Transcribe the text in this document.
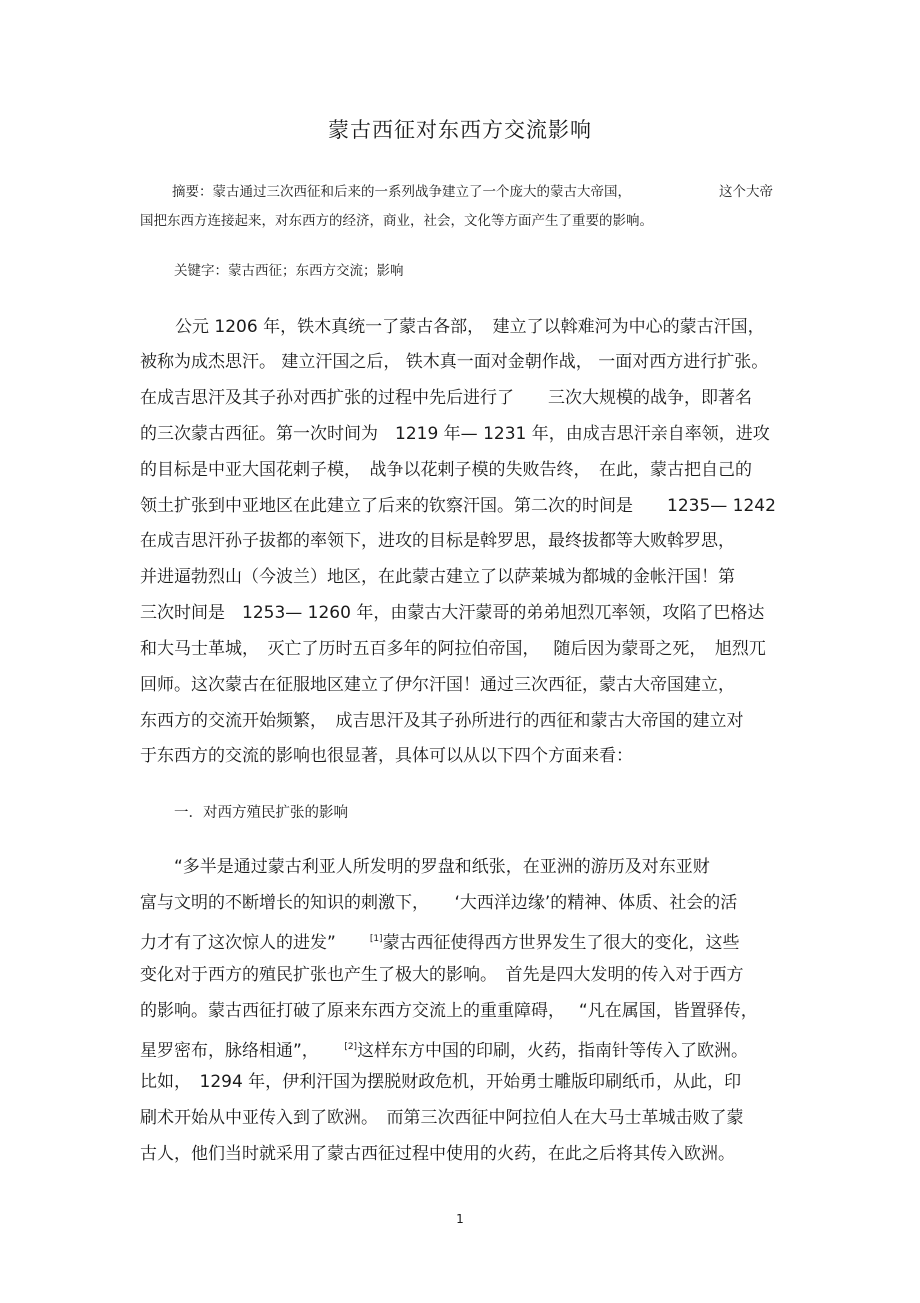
蒙古西征对东西方交流影响
摘要：蒙古通过三次西征和后来的一系列战争建立了一个庞大的蒙古大帝国，	这个大帝
国把东西方连接起来，对东西方的经济，商业，社会，文化等方面产生了重要的影响。
关键字：蒙古西征；东西方交流；影响
　公元 1206 年，铁木真统一了蒙古各部，　建立了以斡难河为中心的蒙古汗国，
被称为成杰思汗。 建立汗国之后， 铁木真一面对金朝作战， 一面对西方进行扩张。
在成吉思汗及其子孙对西扩张的过程中先后进行了　　三次大规模的战争，即著名
的三次蒙古西征。第一次时间为　1219 年— 1231 年，由成吉思汗亲自率领，进攻
的目标是中亚大国花剌子模，　战争以花剌子模的失败告终，　在此，蒙古把自己的
领土扩张到中亚地区在此建立了后来的钦察汗国。第二次的时间是　　1235— 1242
在成吉思汗孙子拔都的率领下，进攻的目标是斡罗思，最终拔都等大败斡罗思，
并进逼勃烈山（今波兰）地区，在此蒙古建立了以萨莱城为都城的金帐汗国！第
三次时间是　1253— 1260 年，由蒙古大汗蒙哥的弟弟旭烈兀率领，攻陷了巴格达
和大马士革城，　灭亡了历时五百多年的阿拉伯帝国，　 随后因为蒙哥之死，　旭烈兀
回师。这次蒙古在征服地区建立了伊尔汗国！通过三次西征，蒙古大帝国建立，
东西方的交流开始频繁，　成吉思汗及其子孙所进行的西征和蒙古大帝国的建立对
于东西方的交流的影响也很显著，具体可以从以下四个方面来看：
一．对西方殖民扩张的影响
“多半是通过蒙古利亚人所发明的罗盘和纸张，在亚洲的游历及对东亚财
富与文明的不断增长的知识的刺激下，　　‘大西洋边缘’的精神、体质、社会的活
力才有了这次惊人的进发”　　[1]蒙古西征使得西方世界发生了很大的变化，这些
变化对于西方的殖民扩张也产生了极大的影响。　首先是四大发明的传入对于西方
的影响。蒙古西征打破了原来东西方交流上的重重障碍，　 “凡在属国，皆置驿传，
星罗密布，脉络相通”，　　[2]这样东方中国的印刷，火药，指南针等传入了欧洲。
比如，　1294 年，伊利汗国为摆脱财政危机，开始勇士雕版印刷纸币，从此，印
刷术开始从中亚传入到了欧洲。　而第三次西征中阿拉伯人在大马士革城击败了蒙
古人，他们当时就采用了蒙古西征过程中使用的火药，在此之后将其传入欧洲。
1
